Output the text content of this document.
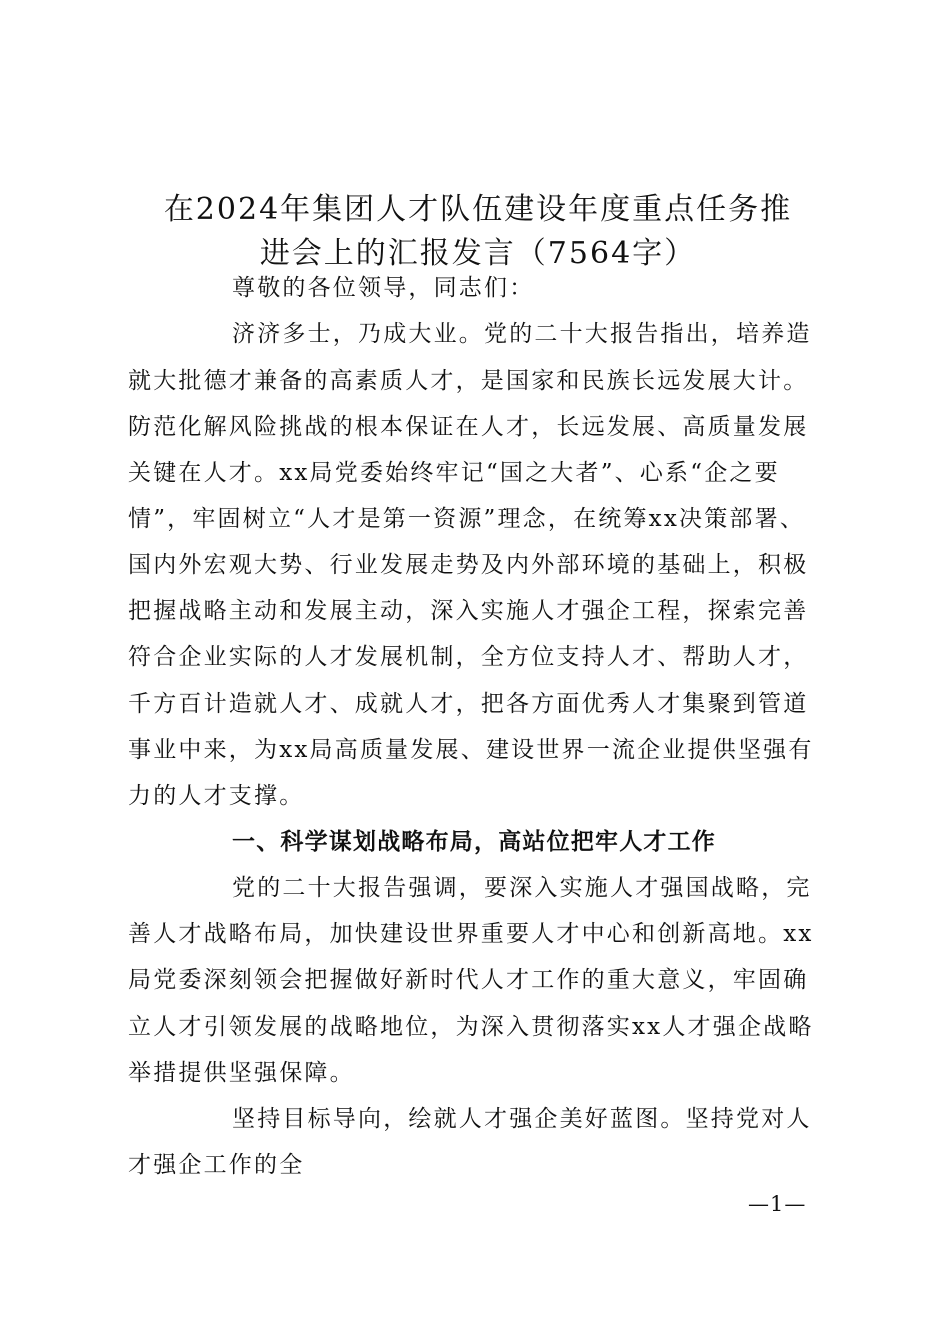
在2024年集团人才队伍建设年度重点任务推
进会上的汇报发言（7564字）
尊敬的各位领导，同志们：
济济多士，乃成大业。党的二十大报告指出，培养造
就大批德才兼备的高素质人才，是国家和民族长远发展大计。
防范化解风险挑战的根本保证在人才，长远发展、高质量发展
关键在人才。xx局党委始终牢记“国之大者”、心系“企之要
情”，牢固树立“人才是第一资源”理念，在统筹xx决策部署、
国内外宏观大势、行业发展走势及内外部环境的基础上，积极
把握战略主动和发展主动，深入实施人才强企工程，探索完善
符合企业实际的人才发展机制，全方位支持人才、帮助人才，
千方百计造就人才、成就人才，把各方面优秀人才集聚到管道
事业中来，为xx局高质量发展、建设世界一流企业提供坚强有
力的人才支撑。
一、科学谋划战略布局，高站位把牢人才工作
党的二十大报告强调，要深入实施人才强国战略，完
善人才战略布局，加快建设世界重要人才中心和创新高地。xx
局党委深刻领会把握做好新时代人才工作的重大意义，牢固确
立人才引领发展的战略地位，为深入贯彻落实xx人才强企战略
举措提供坚强保障。
坚持目标导向，绘就人才强企美好蓝图。坚持党对人
才强企工作的全
—1—
